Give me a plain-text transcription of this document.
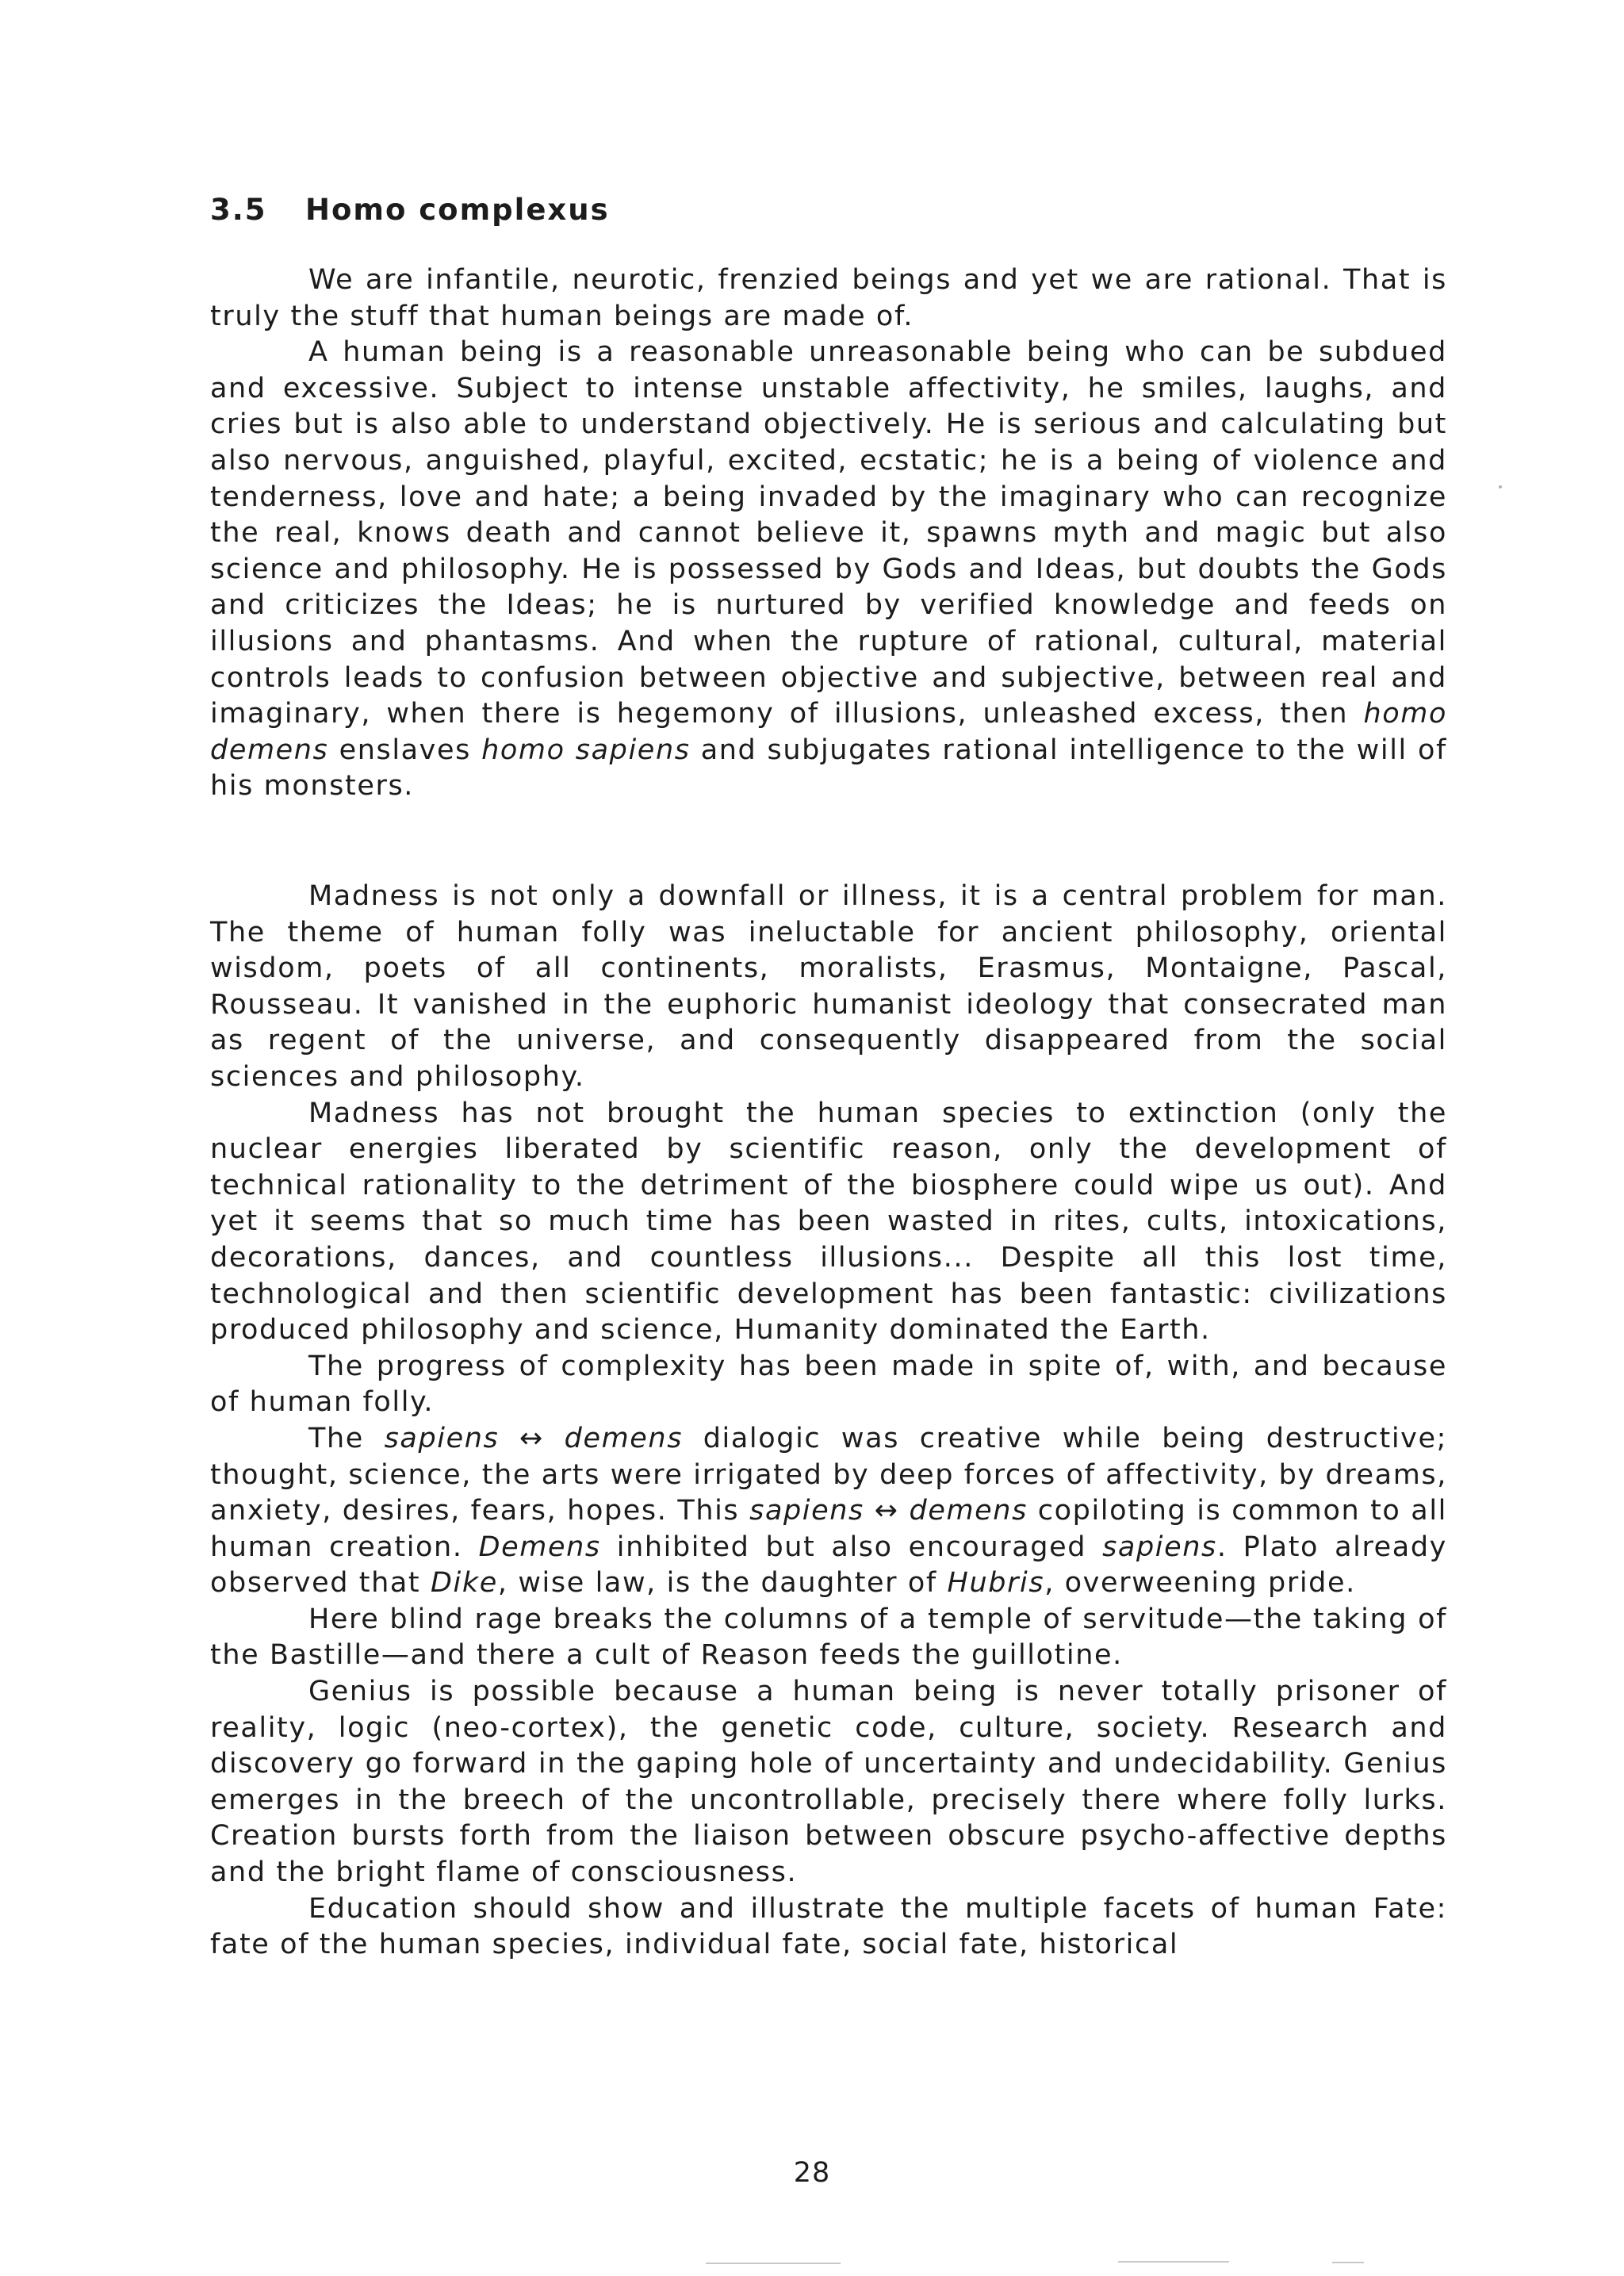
3.5 Homo complexus

We are infantile, neurotic, frenzied beings and yet we are rational. That is truly the stuff that human beings are made of.

A human being is a reasonable unreasonable being who can be subdued and excessive. Subject to intense unstable affectivity, he smiles, laughs, and cries but is also able to understand objectively. He is serious and calculating but also nervous, anguished, playful, excited, ecstatic; he is a being of violence and tenderness, love and hate; a being invaded by the imaginary who can recognize the real, knows death and cannot believe it, spawns myth and magic but also science and philosophy. He is possessed by Gods and Ideas, but doubts the Gods and criticizes the Ideas; he is nurtured by verified knowledge and feeds on illusions and phantasms. And when the rupture of rational, cultural, material controls leads to confusion between objective and subjective, between real and imaginary, when there is hegemony of illusions, unleashed excess, then homo demens enslaves homo sapiens and subjugates rational intelligence to the will of his monsters.

Madness is not only a downfall or illness, it is a central problem for man. The theme of human folly was ineluctable for ancient philosophy, oriental wisdom, poets of all continents, moralists, Erasmus, Montaigne, Pascal, Rousseau. It vanished in the euphoric humanist ideology that consecrated man as regent of the universe, and consequently disappeared from the social sciences and philosophy.

Madness has not brought the human species to extinction (only the nuclear energies liberated by scientific reason, only the development of technical rationality to the detriment of the biosphere could wipe us out). And yet it seems that so much time has been wasted in rites, cults, intoxications, decorations, dances, and countless illusions... Despite all this lost time, technological and then scientific development has been fantastic: civilizations produced philosophy and science, Humanity dominated the Earth.

The progress of complexity has been made in spite of, with, and because of human folly.

The sapiens ↔ demens dialogic was creative while being destructive; thought, science, the arts were irrigated by deep forces of affectivity, by dreams, anxiety, desires, fears, hopes. This sapiens ↔ demens copiloting is common to all human creation. Demens inhibited but also encouraged sapiens. Plato already observed that Dike, wise law, is the daughter of Hubris, overweening pride.

Here blind rage breaks the columns of a temple of servitude—the taking of the Bastille—and there a cult of Reason feeds the guillotine.

Genius is possible because a human being is never totally prisoner of reality, logic (neo-cortex), the genetic code, culture, society. Research and discovery go forward in the gaping hole of uncertainty and undecidability. Genius emerges in the breech of the uncontrollable, precisely there where folly lurks. Creation bursts forth from the liaison between obscure psycho-affective depths and the bright flame of consciousness.

Education should show and illustrate the multiple facets of human Fate: fate of the human species, individual fate, social fate, historical

28
